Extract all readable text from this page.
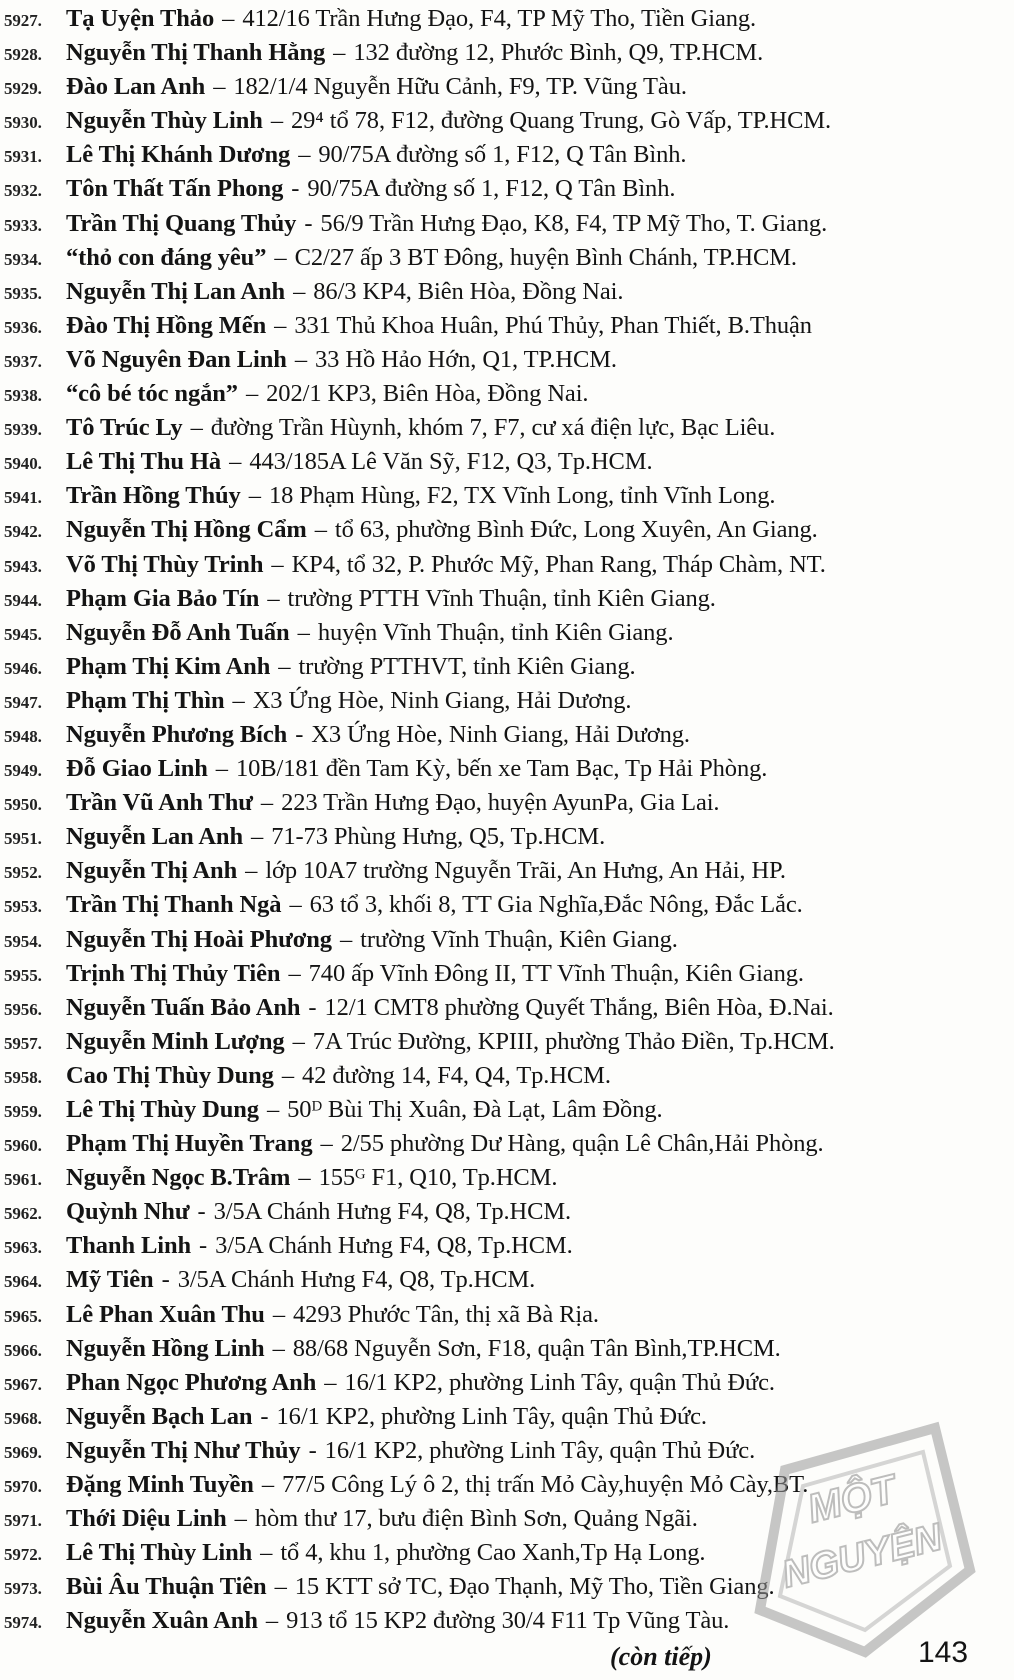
5927. Tạ Uyện Thảo – 412/16 Trần Hưng Đạo, F4, TP Mỹ Tho, Tiền Giang.
5928. Nguyễn Thị Thanh Hằng – 132 đường 12, Phước Bình, Q9, TP.HCM.
5929. Đào Lan Anh – 182/1/4 Nguyễn Hữu Cảnh, F9, TP. Vũng Tàu.
5930. Nguyễn Thùy Linh – 29⁴ tổ 78, F12, đường Quang Trung, Gò Vấp, TP.HCM.
5931. Lê Thị Khánh Dương – 90/75A đường số 1, F12, Q Tân Bình.
5932. Tôn Thất Tấn Phong - 90/75A đường số 1, F12, Q Tân Bình.
5933. Trần Thị Quang Thủy - 56/9 Trần Hưng Đạo, K8, F4, TP Mỹ Tho, T. Giang.
5934. “thỏ con đáng yêu” – C2/27 ấp 3 BT Đông, huyện Bình Chánh, TP.HCM.
5935. Nguyễn Thị Lan Anh – 86/3 KP4, Biên Hòa, Đồng Nai.
5936. Đào Thị Hồng Mến – 331 Thủ Khoa Huân, Phú Thủy, Phan Thiết, B.Thuận
5937. Võ Nguyên Đan Linh – 33 Hồ Hảo Hớn, Q1, TP.HCM.
5938. “cô bé tóc ngắn” – 202/1 KP3, Biên Hòa, Đồng Nai.
5939. Tô Trúc Ly – đường Trần Hùynh, khóm 7, F7, cư xá điện lực, Bạc Liêu.
5940. Lê Thị Thu Hà – 443/185A Lê Văn Sỹ, F12, Q3, Tp.HCM.
5941. Trần Hồng Thúy – 18 Phạm Hùng, F2, TX Vĩnh Long, tỉnh Vĩnh Long.
5942. Nguyễn Thị Hồng Cẩm – tổ 63, phường Bình Đức, Long Xuyên, An Giang.
5943. Võ Thị Thùy Trinh – KP4, tổ 32, P. Phước Mỹ, Phan Rang, Tháp Chàm, NT.
5944. Phạm Gia Bảo Tín – trường PTTH Vĩnh Thuận, tỉnh Kiên Giang.
5945. Nguyễn Đỗ Anh Tuấn – huyện Vĩnh Thuận, tỉnh Kiên Giang.
5946. Phạm Thị Kim Anh – trường PTTHVT, tỉnh Kiên Giang.
5947. Phạm Thị Thìn – X3 Ứng Hòe, Ninh Giang, Hải Dương.
5948. Nguyễn Phương Bích - X3 Ứng Hòe, Ninh Giang, Hải Dương.
5949. Đỗ Giao Linh – 10B/181 đền Tam Kỳ, bến xe Tam Bạc, Tp Hải Phòng.
5950. Trần Vũ Anh Thư – 223 Trần Hưng Đạo, huyện AyunPa, Gia Lai.
5951. Nguyễn Lan Anh – 71-73 Phùng Hưng, Q5, Tp.HCM.
5952. Nguyễn Thị Anh – lớp 10A7 trường Nguyễn Trãi, An Hưng, An Hải, HP.
5953. Trần Thị Thanh Ngà – 63 tổ 3, khối 8, TT Gia Nghĩa,Đắc Nông, Đắc Lắc.
5954. Nguyễn Thị Hoài Phương – trường Vĩnh Thuận, Kiên Giang.
5955. Trịnh Thị Thủy Tiên – 740 ấp Vĩnh Đông II, TT Vĩnh Thuận, Kiên Giang.
5956. Nguyễn Tuấn Bảo Anh - 12/1 CMT8 phường Quyết Thắng, Biên Hòa, Đ.Nai.
5957. Nguyễn Minh Lượng – 7A Trúc Đường, KPIII, phường Thảo Điền, Tp.HCM.
5958. Cao Thị Thùy Dung – 42 đường 14, F4, Q4, Tp.HCM.
5959. Lê Thị Thùy Dung – 50ᴰ Bùi Thị Xuân, Đà Lạt, Lâm Đồng.
5960. Phạm Thị Huyền Trang – 2/55 phường Dư Hàng, quận Lê Chân,Hải Phòng.
5961. Nguyễn Ngọc B.Trâm – 155ᴳ F1, Q10, Tp.HCM.
5962. Quỳnh Như - 3/5A Chánh Hưng F4, Q8, Tp.HCM.
5963. Thanh Linh - 3/5A Chánh Hưng F4, Q8, Tp.HCM.
5964. Mỹ Tiên - 3/5A Chánh Hưng F4, Q8, Tp.HCM.
5965. Lê Phan Xuân Thu – 4293 Phước Tân, thị xã Bà Rịa.
5966. Nguyễn Hồng Linh – 88/68 Nguyễn Sơn, F18, quận Tân Bình,TP.HCM.
5967. Phan Ngọc Phương Anh – 16/1 KP2, phường Linh Tây, quận Thủ Đức.
5968. Nguyễn Bạch Lan - 16/1 KP2, phường Linh Tây, quận Thủ Đức.
5969. Nguyễn Thị Như Thủy - 16/1 KP2, phường Linh Tây, quận Thủ Đức.
5970. Đặng Minh Tuyền – 77/5 Công Lý ô 2, thị trấn Mỏ Cày,huyện Mỏ Cày,BT.
5971. Thới Diệu Linh – hòm thư 17, bưu điện Bình Sơn, Quảng Ngãi.
5972. Lê Thị Thùy Linh – tổ 4, khu 1, phường Cao Xanh,Tp Hạ Long.
5973. Bùi Âu Thuận Tiên – 15 KTT sở TC, Đạo Thạnh, Mỹ Tho, Tiền Giang.
5974. Nguyễn Xuân Anh – 913 tổ 15 KP2 đường 30/4 F11 Tp Vũng Tàu.
MỘT
NGUYỆN
(còn tiếp)	143
